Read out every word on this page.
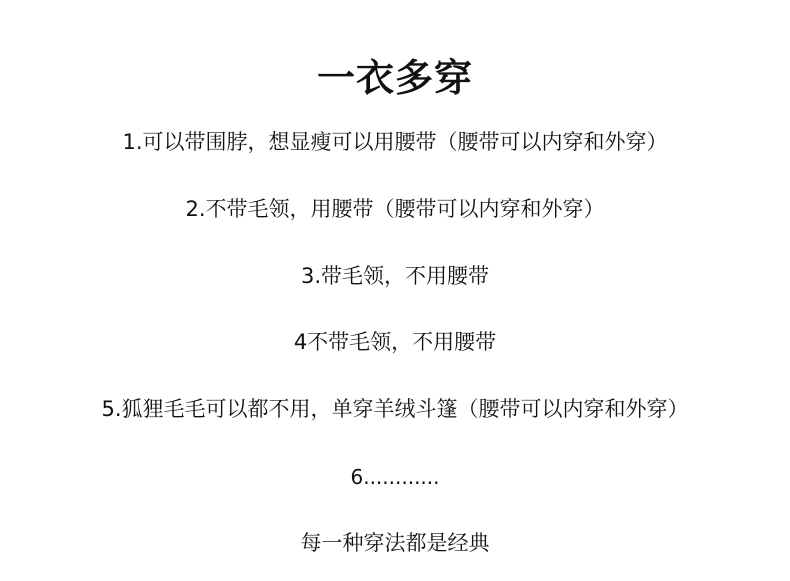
一衣多穿
1.可以带围脖，想显瘦可以用腰带（腰带可以内穿和外穿）
2.不带毛领，用腰带（腰带可以内穿和外穿）
3.带毛领，不用腰带
4不带毛领，不用腰带
5.狐狸毛毛可以都不用，单穿羊绒斗篷（腰带可以内穿和外穿）
6............
每一种穿法都是经典
